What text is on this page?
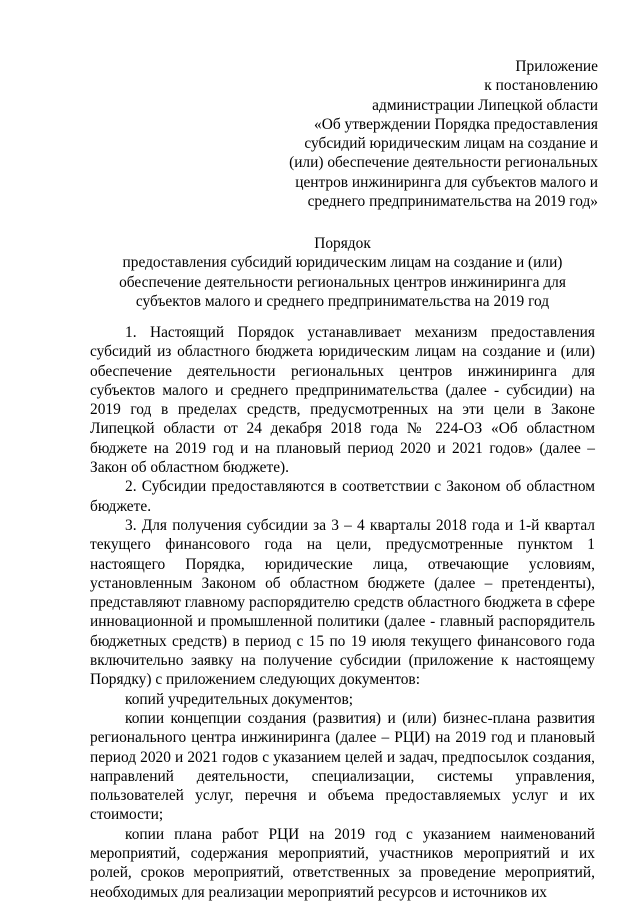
Приложение
к постановлению
администрации Липецкой области
«Об утверждении Порядка предоставления
субсидий юридическим лицам на создание и
(или) обеспечение деятельности региональных
центров инжиниринга для субъектов малого и
среднего предпринимательства на 2019 год»
Порядок
предоставления субсидий юридическим лицам на создание и (или)
обеспечение деятельности региональных центров инжиниринга для
субъектов малого и среднего предпринимательства на 2019 год

1. Настоящий Порядок устанавливает механизм предоставления субсидий из областного бюджета юридическим лицам на создание и (или) обеспечение деятельности региональных центров инжиниринга для субъектов малого и среднего предпринимательства (далее - субсидии) на 2019 год в пределах средств, предусмотренных на эти цели в Законе Липецкой области от 24 декабря 2018 года № 224-ОЗ «Об областном бюджете на 2019 год и на плановый период 2020 и 2021 годов» (далее – Закон об областном бюджете).

2. Субсидии предоставляются в соответствии с Законом об областном бюджете.

3. Для получения субсидии за 3 – 4 кварталы 2018 года и 1-й квартал текущего финансового года на цели, предусмотренные пунктом 1 настоящего Порядка, юридические лица, отвечающие условиям, установленным Законом об областном бюджете (далее – претенденты), представляют главному распорядителю средств областного бюджета в сфере инновационной и промышленной политики (далее - главный распорядитель бюджетных средств) в период с 15 по 19 июля текущего финансового года включительно заявку на получение субсидии (приложение к настоящему Порядку) с приложением следующих документов:

копий учредительных документов;

копии концепции создания (развития) и (или) бизнес-плана развития регионального центра инжиниринга (далее – РЦИ) на 2019 год и плановый период 2020 и 2021 годов с указанием целей и задач, предпосылок создания, направлений деятельности, специализации, системы управления, пользователей услуг, перечня и объема предоставляемых услуг и их стоимости;

копии плана работ РЦИ на 2019 год с указанием наименований мероприятий, содержания мероприятий, участников мероприятий и их ролей, сроков мероприятий, ответственных за проведение мероприятий, необходимых для реализации мероприятий ресурсов и источников их
